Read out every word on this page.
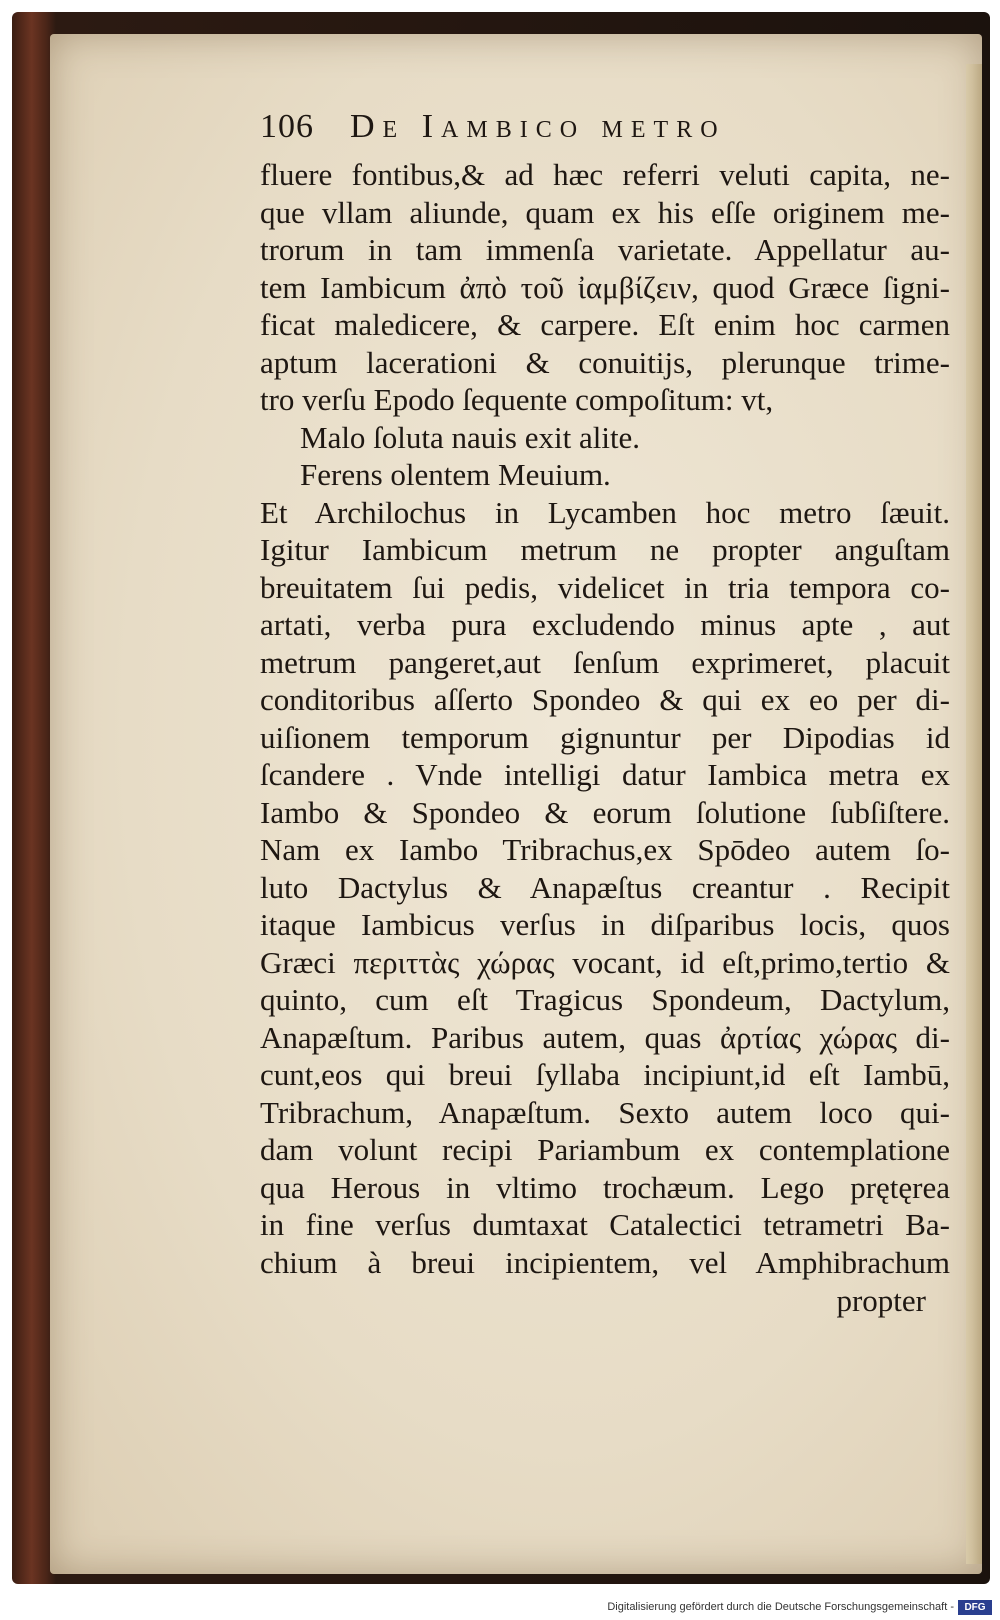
106	De Iambico metro
fluere fontibus,& ad hæc referri veluti capita, ne-
que vllam aliunde, quam ex his eſſe originem me-
trorum in tam immenſa varietate. Appellatur au-
tem Iambicum ἀπὸ τοῦ ἰαμβίζειν, quod Græce ſigni-
ficat maledicere, & carpere. Eſt enim hoc carmen
aptum lacerationi & conuitijs, plerunque trime-
tro verſu Epodo ſequente compoſitum: vt,
Malo ſoluta nauis exit alite.
Ferens olentem Meuium.
Et Archilochus in Lycamben hoc metro ſæuit.
Igitur Iambicum metrum ne propter anguſtam
breuitatem ſui pedis, videlicet in tria tempora co-
artati, verba pura excludendo minus apte , aut
metrum pangeret,aut ſenſum exprimeret, placuit
conditoribus aſſerto Spondeo & qui ex eo per di-
uiſionem temporum gignuntur per Dipodias id
ſcandere . Vnde intelligi datur Iambica metra ex
Iambo & Spondeo & eorum ſolutione ſubſiſtere.
Nam ex Iambo Tribrachus,ex Spōdeo autem ſo-
luto Dactylus & Anapæſtus creantur . Recipit
itaque Iambicus verſus in diſparibus locis, quos
Græci περιττὰς χώρας vocant, id eſt,primo,tertio &
quinto, cum eſt Tragicus Spondeum, Dactylum,
Anapæſtum. Paribus autem, quas ἀρτίας χώρας di-
cunt,eos qui breui ſyllaba incipiunt,id eſt Iambū,
Tribrachum, Anapæſtum. Sexto autem loco qui-
dam volunt recipi Pariambum ex contemplatione
qua Herous in vltimo trochæum. Lego prętęrea
in fine verſus dumtaxat Catalectici tetrametri Ba-
chium à breui incipientem, vel Amphibrachum
propter
Digitalisierung gefördert durch die Deutsche Forschungsgemeinschaft -	DFG
